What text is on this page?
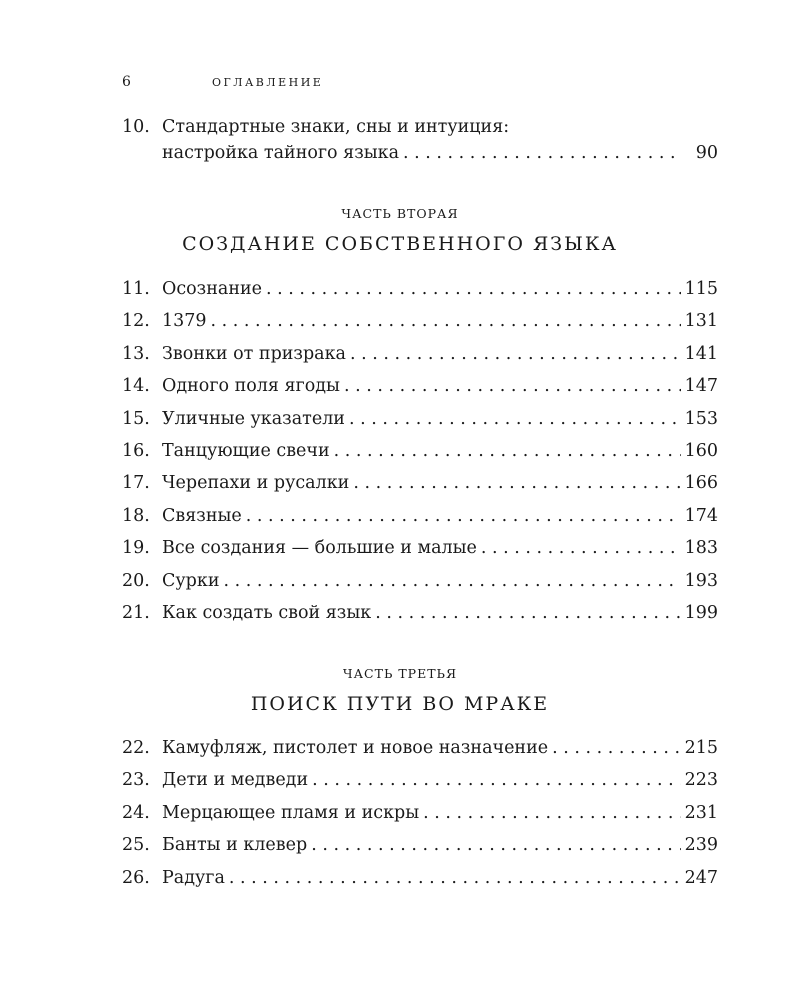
6	ОГЛАВЛЕНИЕ
10. Стандартные знаки, сны и интуиция:
настройка тайного языка . . .	90
ЧАСТЬ ВТОРАЯ
СОЗДАНИЕ СОБСТВЕННОГО ЯЗЫКА
11. Осознание . . .	115
12. 1379 . . .	131
13. Звонки от призрака . . .	141
14. Одного поля ягоды . . .	147
15. Уличные указатели . . .	153
16. Танцующие свечи . . .	160
17. Черепахи и русалки . . .	166
18. Связные . . .	174
19. Все создания — большие и малые . . .	183
20. Сурки . . .	193
21. Как создать свой язык . . .	199
ЧАСТЬ ТРЕТЬЯ
ПОИСК ПУТИ ВО МРАКЕ
22. Камуфляж, пистолет и новое назначение . . .	215
23. Дети и медведи . . .	223
24. Мерцающее пламя и искры . . .	231
25. Банты и клевер . . .	239
26. Радуга . . .	247
